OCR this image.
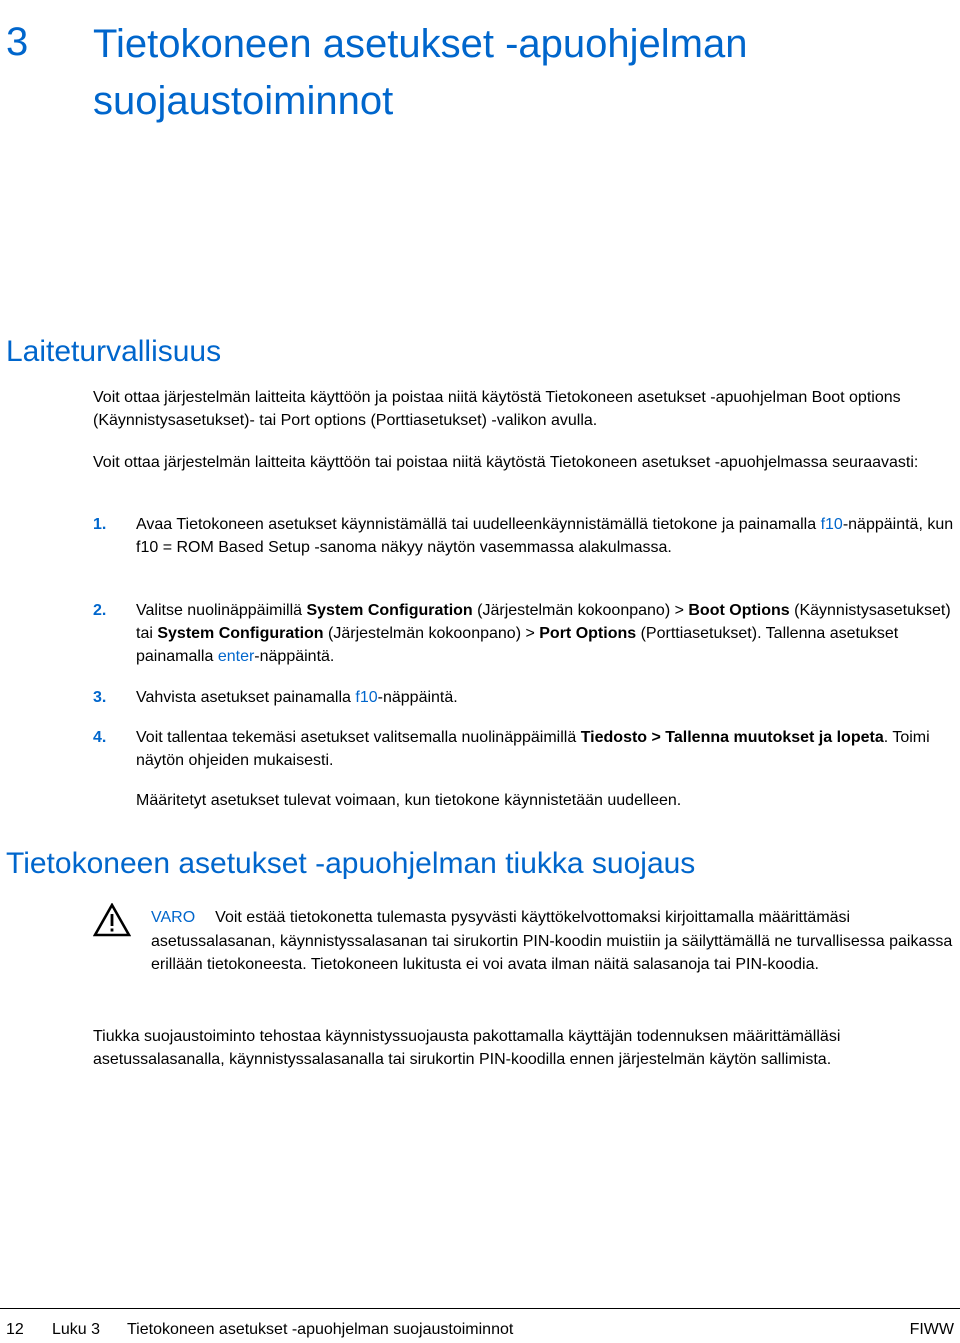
3 Tietokoneen asetukset -apuohjelman suojaustoiminnot
Laiteturvallisuus
Voit ottaa järjestelmän laitteita käyttöön ja poistaa niitä käytöstä Tietokoneen asetukset -apuohjelman Boot options (Käynnistysasetukset)- tai Port options (Porttiasetukset) -valikon avulla.
Voit ottaa järjestelmän laitteita käyttöön tai poistaa niitä käytöstä Tietokoneen asetukset -apuohjelmassa seuraavasti:
1. Avaa Tietokoneen asetukset käynnistämällä tai uudelleenkäynnistämällä tietokone ja painamalla f10-näppäintä, kun f10 = ROM Based Setup -sanoma näkyy näytön vasemmassa alakulmassa.
2. Valitse nuolinäppäimillä System Configuration (Järjestelmän kokoonpano) > Boot Options (Käynnistysasetukset) tai System Configuration (Järjestelmän kokoonpano) > Port Options (Porttiasetukset). Tallenna asetukset painamalla enter-näppäintä.
3. Vahvista asetukset painamalla f10-näppäintä.
4. Voit tallentaa tekemäsi asetukset valitsemalla nuolinäppäimillä Tiedosto > Tallenna muutokset ja lopeta. Toimi näytön ohjeiden mukaisesti.
Määritetyt asetukset tulevat voimaan, kun tietokone käynnistetään uudelleen.
Tietokoneen asetukset -apuohjelman tiukka suojaus
VARO Voit estää tietokonetta tulemasta pysyvästi käyttökelvottomaksi kirjoittamalla määrittämäsi asetussalasanan, käynnistyssalasanan tai sirukortin PIN-koodin muistiin ja säilyttämällä ne turvallisessa paikassa erillään tietokoneesta. Tietokoneen lukitusta ei voi avata ilman näitä salasanoja tai PIN-koodia.
Tiukka suojaustoiminto tehostaa käynnistyssuojausta pakottamalla käyttäjän todennuksen määrittämälläsi asetussalasanalla, käynnistyssalasanalla tai sirukortin PIN-koodilla ennen järjestelmän käytön sallimista.
12 Luku 3 Tietokoneen asetukset -apuohjelman suojaustoiminnot	FIWW
